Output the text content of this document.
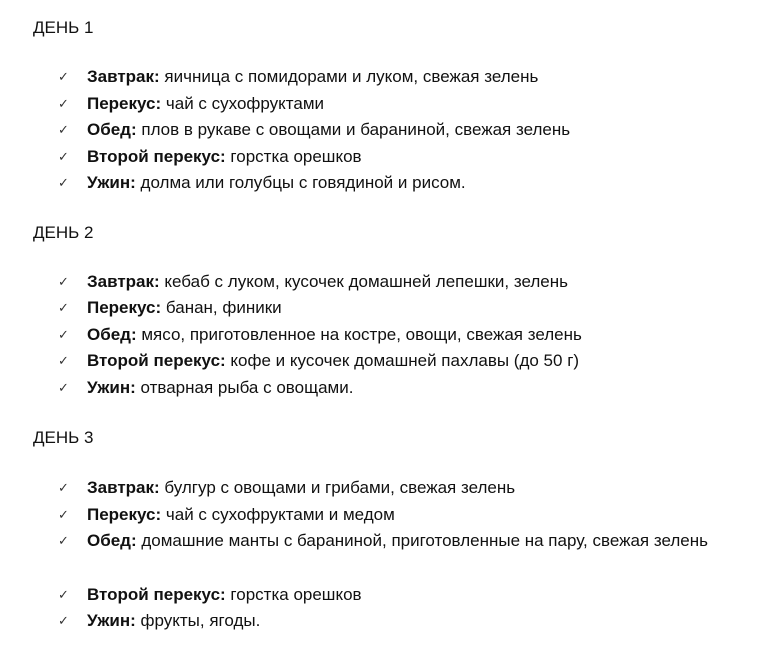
ДЕНЬ 1
✓	Завтрак: яичница с помидорами и луком, свежая зелень
✓	Перекус: чай с сухофруктами
✓	Обед: плов в рукаве с овощами и бараниной, свежая зелень
✓	Второй перекус: горстка орешков
✓	Ужин: долма или голубцы с говядиной и рисом.
ДЕНЬ 2
✓	Завтрак: кебаб с луком, кусочек домашней лепешки, зелень
✓	Перекус: банан, финики
✓	Обед: мясо, приготовленное на костре, овощи, свежая зелень
✓	Второй перекус: кофе и кусочек домашней пахлавы (до 50 г)
✓	Ужин: отварная рыба с овощами.
ДЕНЬ 3
✓	Завтрак: булгур с овощами и грибами, свежая зелень
✓	Перекус: чай с сухофруктами и медом
✓	Обед: домашние манты с бараниной, приготовленные на пару, свежая зелень
✓	Второй перекус: горстка орешков
✓	Ужин: фрукты, ягоды.
